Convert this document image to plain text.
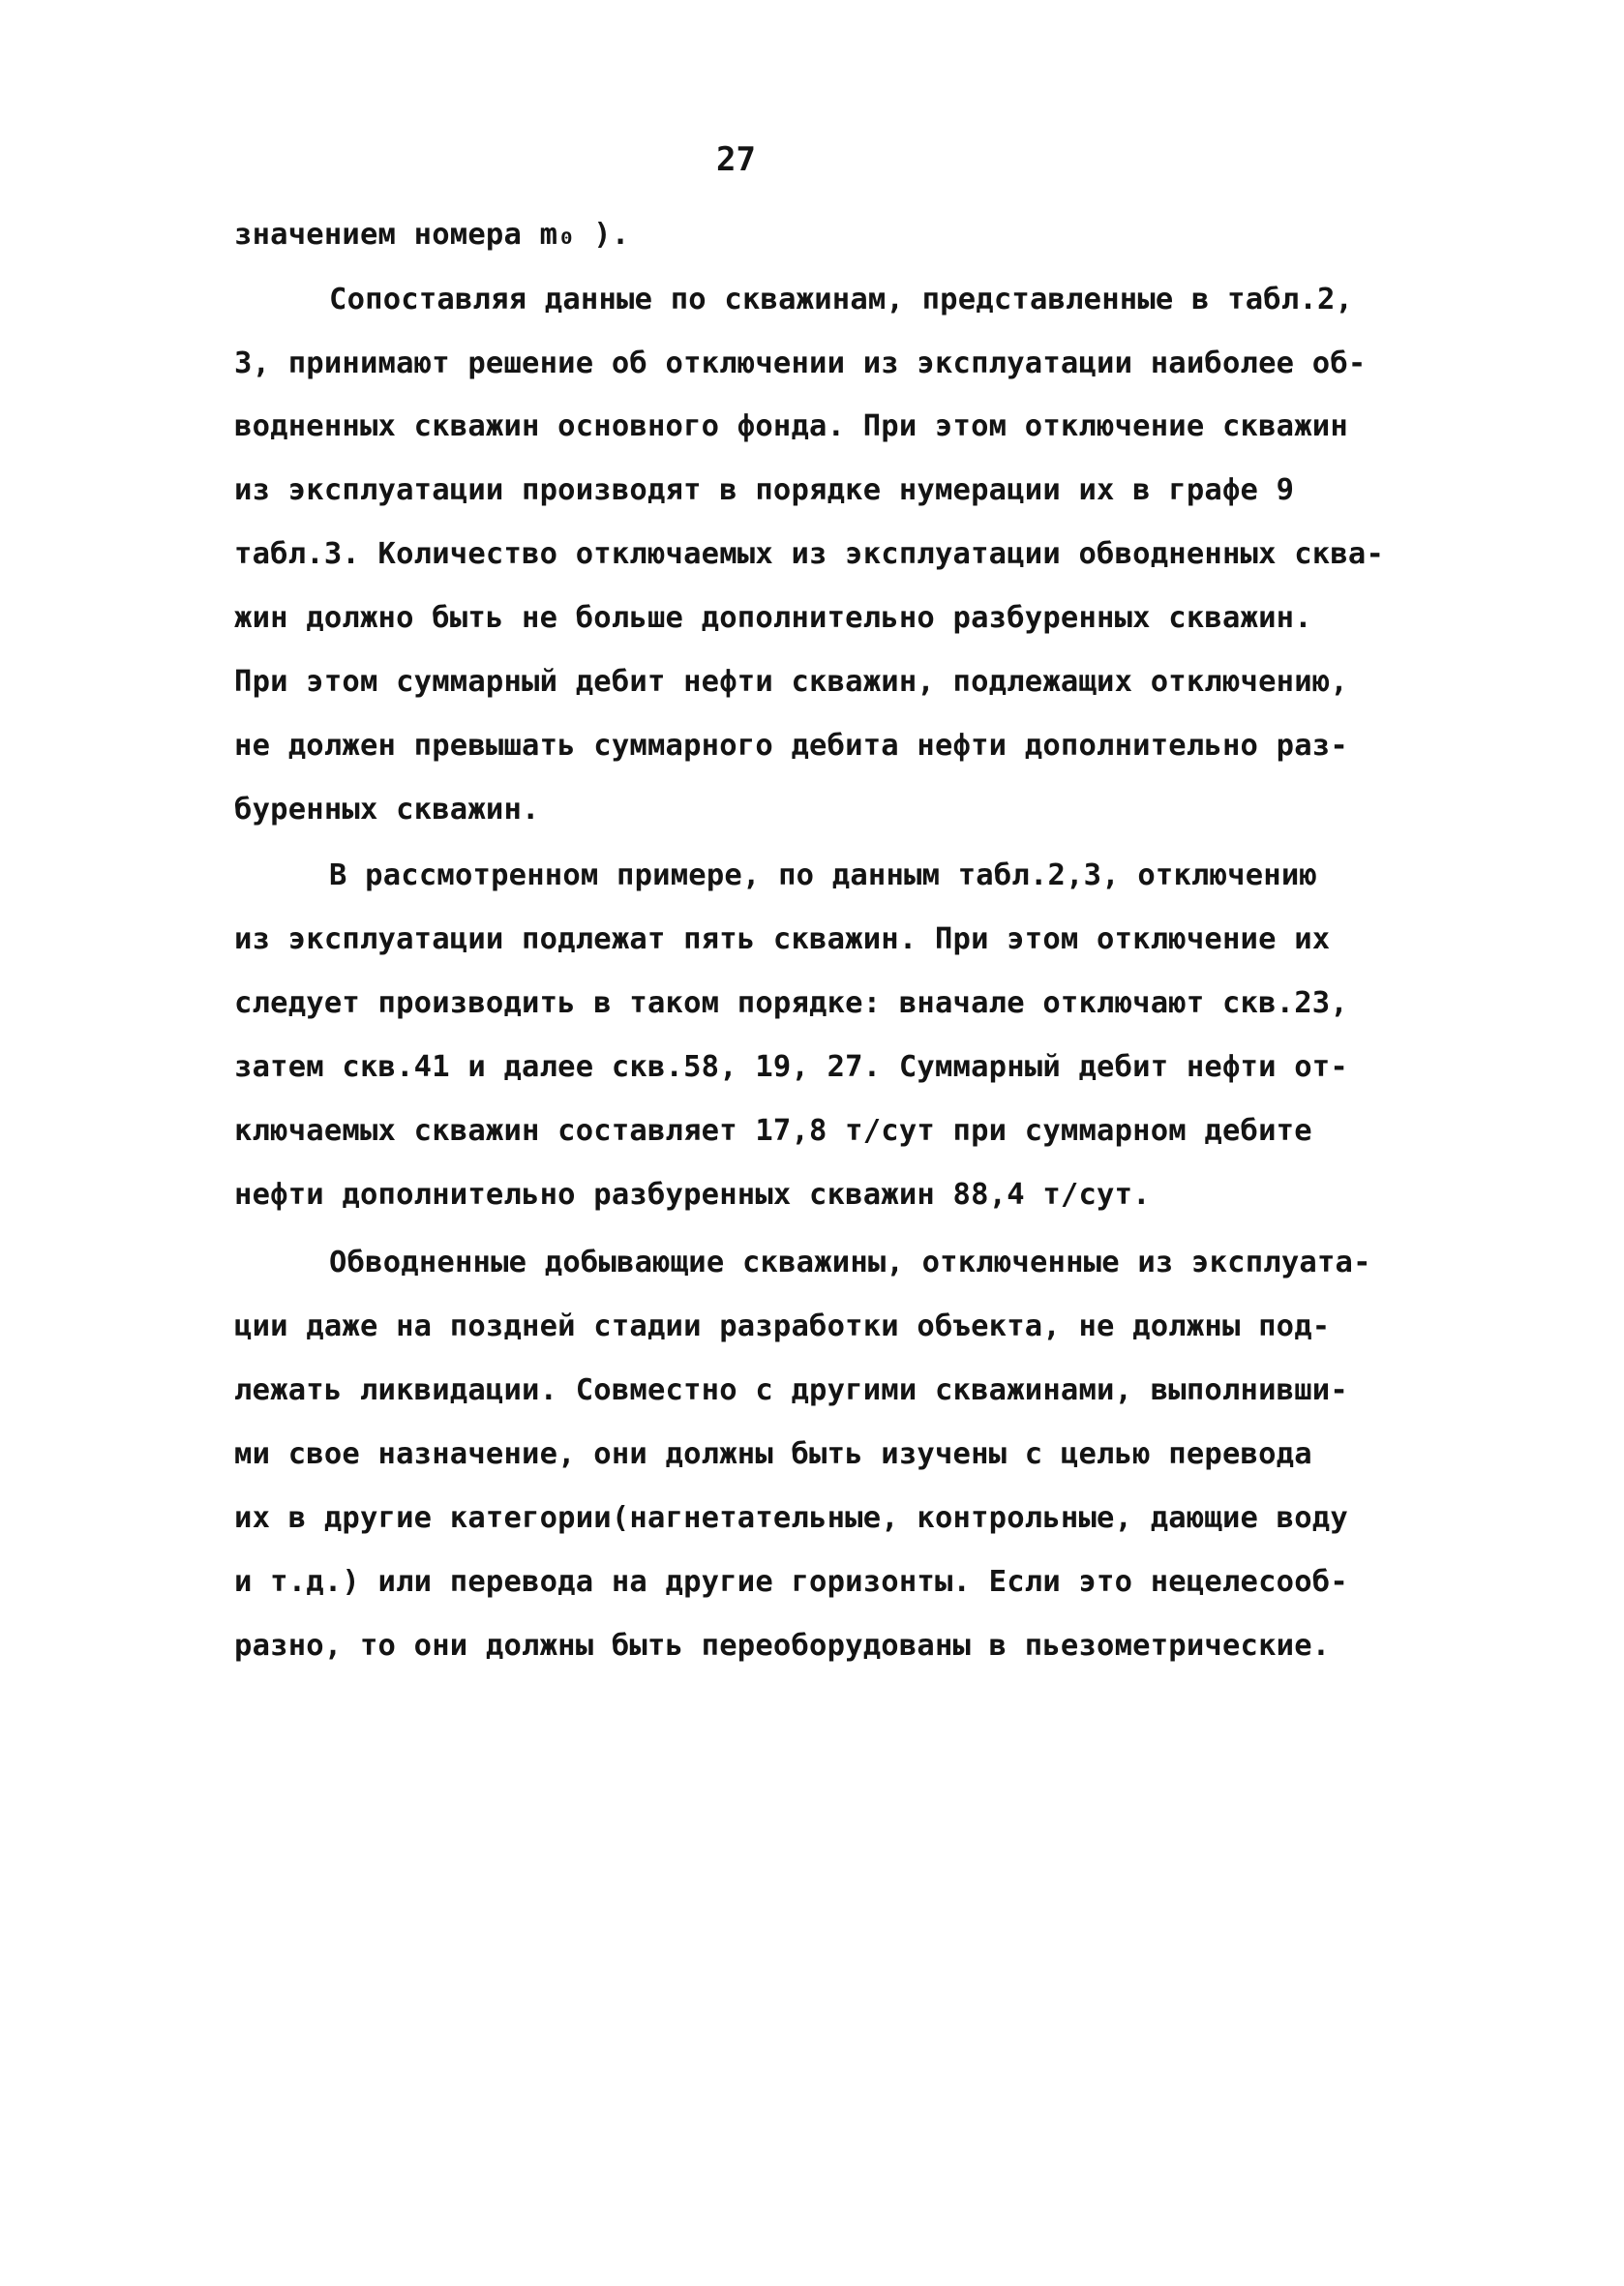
27
значением номера m₀ ).
Сопоставляя данные по скважинам, представленные в табл.2,
3, принимают решение об отключении из эксплуатации наиболее об-
водненных скважин основного фонда. При этом отключение скважин
из эксплуатации производят в порядке нумерации их в графе 9
табл.3. Количество отключаемых из эксплуатации обводненных сква-
жин должно быть не больше дополнительно разбуренных скважин.
При этом суммарный дебит нефти скважин, подлежащих отключению,
не должен превышать суммарного дебита нефти дополнительно раз-
буренных скважин.
В рассмотренном примере, по данным табл.2,3, отключению
из эксплуатации подлежат пять скважин. При этом отключение их
следует производить в таком порядке: вначале отключают скв.23,
затем скв.41 и далее скв.58, 19, 27. Суммарный дебит нефти от-
ключаемых скважин составляет 17,8 т/сут при суммарном дебите
нефти дополнительно разбуренных скважин 88,4 т/сут.
Обводненные добывающие скважины, отключенные из эксплуата-
ции даже на поздней стадии разработки объекта, не должны под-
лежать ликвидации. Совместно с другими скважинами, выполнивши-
ми свое назначение, они должны быть изучены с целью перевода
их в другие категории(нагнетательные, контрольные, дающие воду
и т.д.) или перевода на другие горизонты. Если это нецелесооб-
разно, то они должны быть переоборудованы в пьезометрические.
